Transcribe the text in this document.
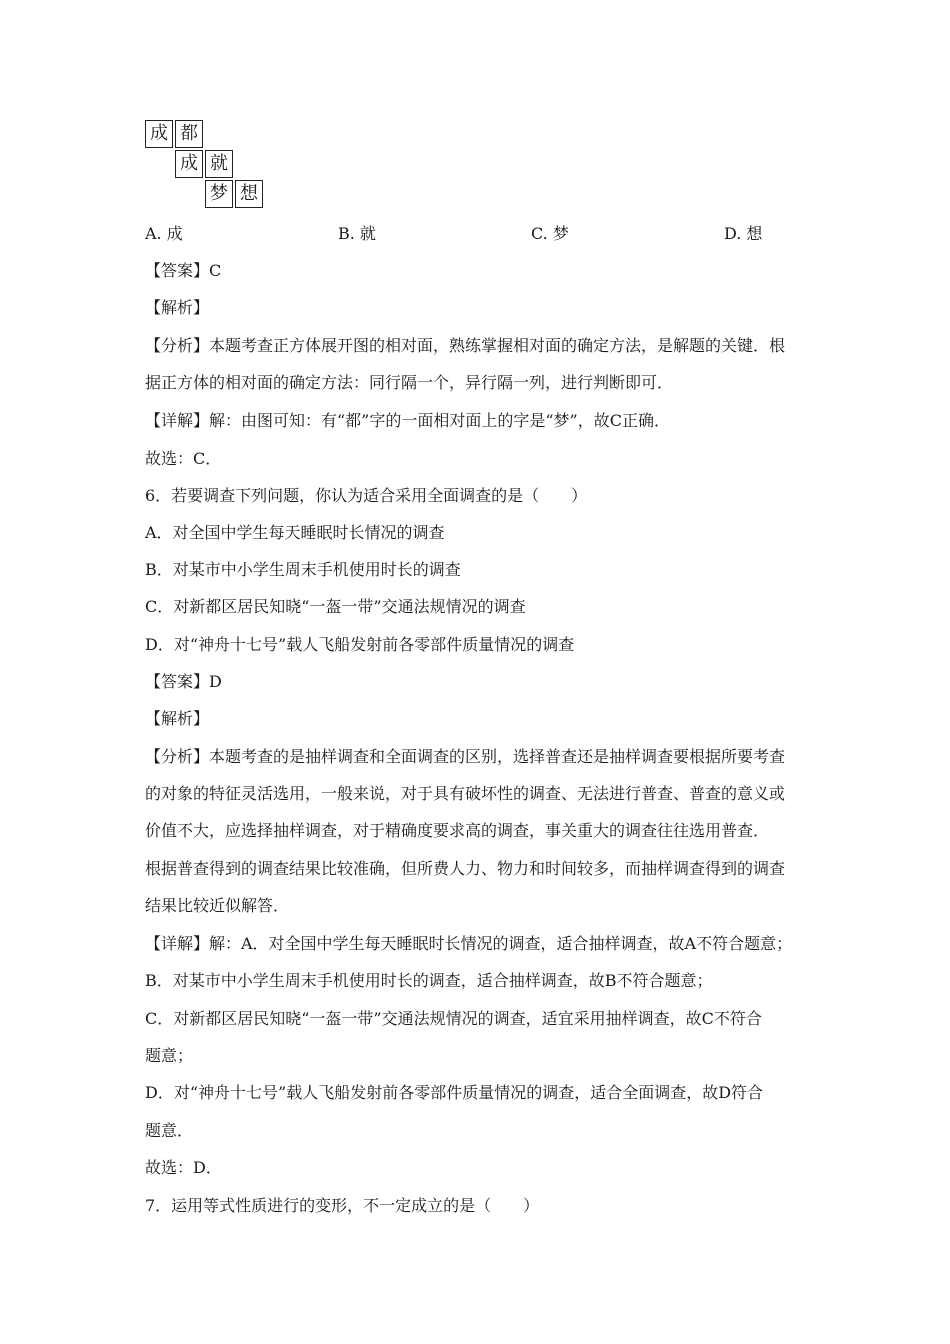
成 都
成 就
梦 想
A. 成	B. 就	C. 梦	D. 想
【答案】C
【解析】
【分析】本题考查正方体展开图的相对面，熟练掌握相对面的确定方法，是解题的关键．根
据正方体的相对面的确定方法：同行隔一个，异行隔一列，进行判断即可．
【详解】解：由图可知：有“都”字的一面相对面上的字是“梦”，故C正确．
故选：C．
6．若要调查下列问题，你认为适合采用全面调查的是（　　）
A．对全国中学生每天睡眠时长情况的调查
B．对某市中小学生周末手机使用时长的调查
C．对新都区居民知晓“一盔一带”交通法规情况的调查
D．对“神舟十七号”载人飞船发射前各零部件质量情况的调查
【答案】D
【解析】
【分析】本题考查的是抽样调查和全面调查的区别，选择普查还是抽样调查要根据所要考查
的对象的特征灵活选用，一般来说，对于具有破坏性的调查、无法进行普查、普查的意义或
价值不大，应选择抽样调查，对于精确度要求高的调查，事关重大的调查往往选用普查．
根据普查得到的调查结果比较准确，但所费人力、物力和时间较多，而抽样调查得到的调查
结果比较近似解答．
【详解】解：A．对全国中学生每天睡眠时长情况的调查，适合抽样调查，故A不符合题意；
B．对某市中小学生周末手机使用时长的调查，适合抽样调查，故B不符合题意；
C．对新都区居民知晓“一盔一带”交通法规情况的调查，适宜采用抽样调查，故C不符合
题意；
D．对“神舟十七号”载人飞船发射前各零部件质量情况的调查，适合全面调查，故D符合
题意．
故选：D．
7．运用等式性质进行的变形，不一定成立的是（　　）
